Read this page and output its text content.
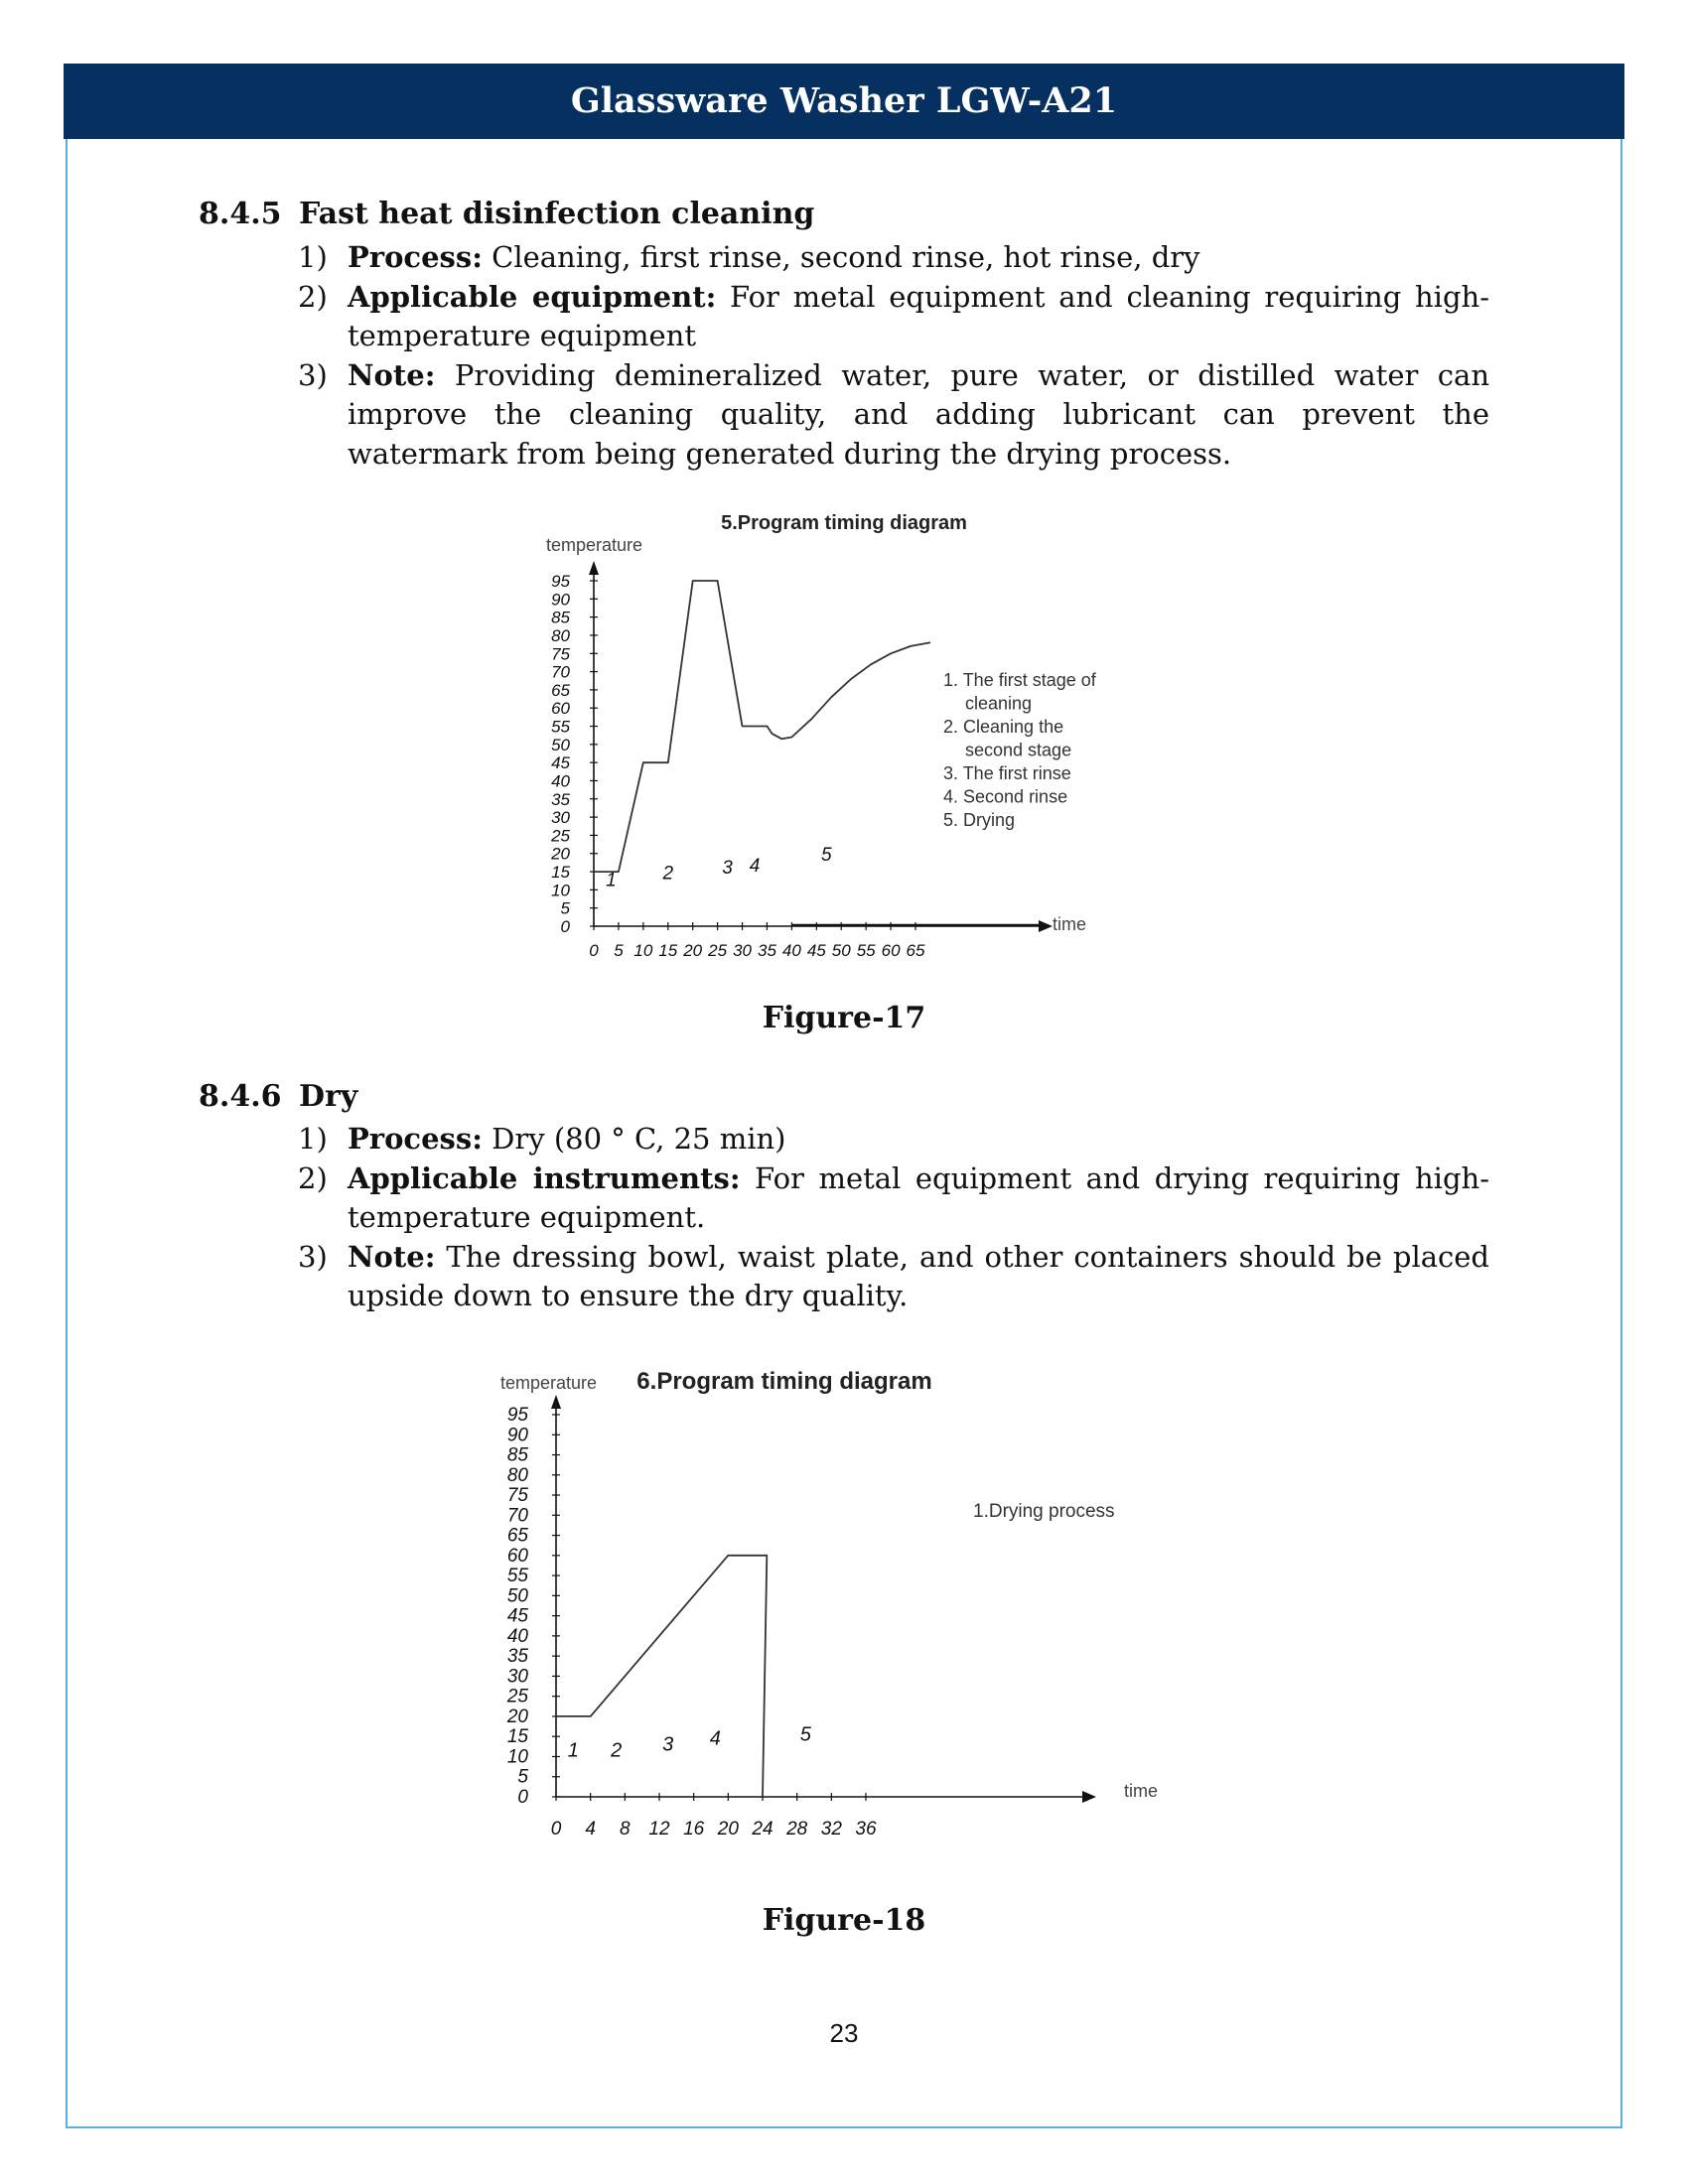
Glassware Washer LGW-A21
8.4.5 Fast heat disinfection cleaning
1) Process: Cleaning, first rinse, second rinse, hot rinse, dry
2) Applicable equipment: For metal equipment and cleaning requiring high-temperature equipment
3) Note: Providing demineralized water, pure water, or distilled water can improve the cleaning quality, and adding lubricant can prevent the watermark from being generated during the drying process.
5.Program timing diagram
temperature
time
0
5
10
15
20
25
30
35
40
45
50
55
60
65
70
75
80
85
90
95
0 5 10 15 20 25 30 35 40 45 50 55 60 65
1 2	3 4
5
1. The first stage of
cleaning
2. Cleaning the
second stage
3. The first rinse
4. Second rinse
5. Drying
Figure-17
8.4.6 Dry
1) Process: Dry (80 ° C, 25 min)
2) Applicable instruments: For metal equipment and drying requiring high-temperature equipment.
3) Note: The dressing bowl, waist plate, and other containers should be placed upside down to ensure the dry quality.
6.Program timing diagram
temperature
time
0
5
10
15
20
25
30
35
40
45
50
55
60
65
70
75
80
85
90
95
0 4 8 12 16 20 24 28 32 36
1 2 3 4	5
1.Drying process
Figure-18
23
